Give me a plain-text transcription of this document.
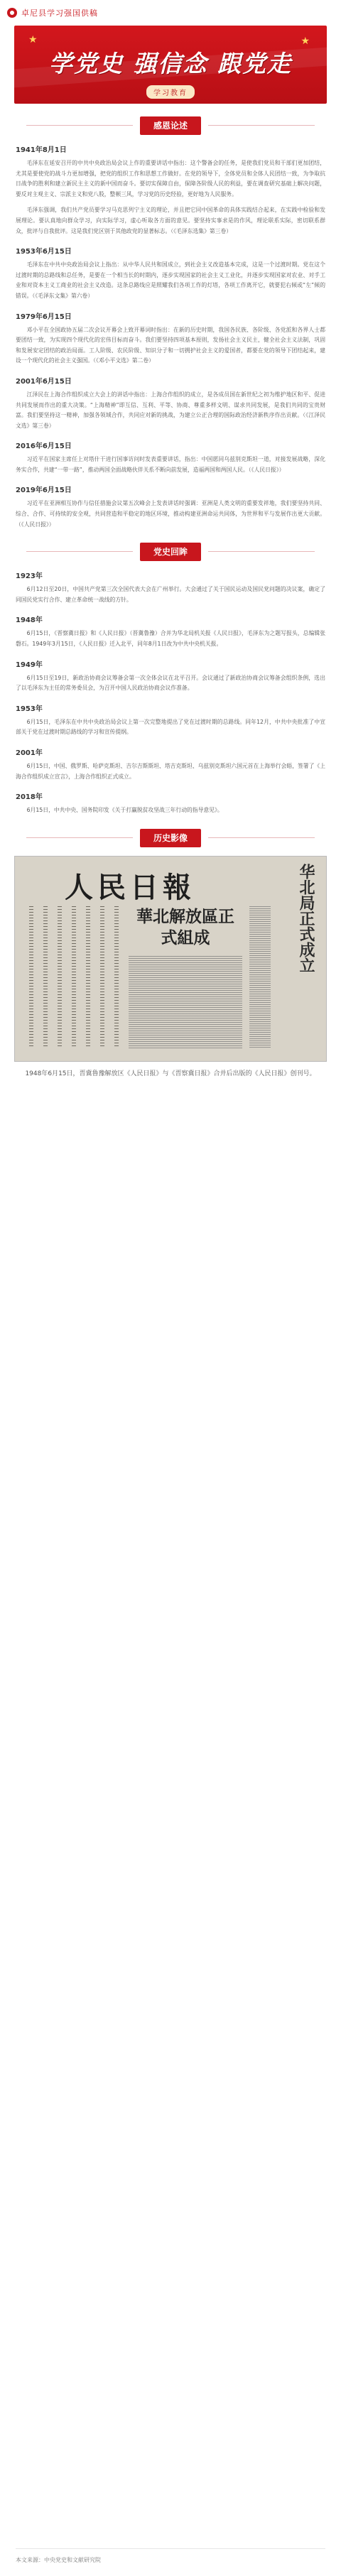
卓尼县学习强国供稿
★	★
学党史 强信念 跟党走
学习教育
感恩论述
1941年8月1日

毛泽东在延安召开的中共中央政治局会议上作的重要讲话中指出：这个警备会的任务，是使我们党员和干部们更加团结，尤其是要使党的战斗力更加增强，把党的组织工作和思想工作做好。在党的领导下，全体党员和全体人民团结一致，为争取抗日战争的胜利和建立新民主主义的新中国而奋斗。要切实保障自由，保障各阶级人民的利益，要在调查研究基础上解决问题，要反对主观主义、宗派主义和党八股，整顿三风，学习党的历史经验，更好地为人民服务。

毛泽东强调，我们共产党员要学习马克思列宁主义的理论，并且把它同中国革命的具体实践结合起来，在实践中检验和发展理论。要认真地向群众学习，向实际学习，虚心听取各方面的意见。要坚持实事求是的作风，理论联系实际，密切联系群众，批评与自我批评。这是我们党区别于其他政党的显著标志。（《毛泽东选集》第三卷）

1953年6月15日

毛泽东在中共中央政治局会议上指出：从中华人民共和国成立，到社会主义改造基本完成，这是一个过渡时期。党在这个过渡时期的总路线和总任务，是要在一个相当长的时期内，逐步实现国家的社会主义工业化，并逐步实现国家对农业、对手工业和对资本主义工商业的社会主义改造。这条总路线应是照耀我们各项工作的灯塔，各项工作离开它，就要犯右倾或“左”倾的错误。（《毛泽东文集》第六卷）

1979年6月15日

邓小平在全国政协五届二次会议开幕会上致开幕词时指出：在新的历史时期，我国各民族、各阶级、各党派和各界人士都要团结一致，为实现四个现代化的宏伟目标而奋斗。我们要坚持四项基本原则，发扬社会主义民主，健全社会主义法制，巩固和发展安定团结的政治局面。工人阶级、农民阶级、知识分子和一切拥护社会主义的爱国者，都要在党的领导下团结起来，建设一个现代化的社会主义强国。（《邓小平文选》第二卷）

2001年6月15日

江泽民在上海合作组织成立大会上的讲话中指出：上海合作组织的成立，是各成员国在新世纪之初为维护地区和平、促进共同发展而作出的重大决策。“上海精神”即互信、互利、平等、协商、尊重多样文明、谋求共同发展，是我们共同的宝贵财富。我们要坚持这一精神，加强各领域合作，共同应对新的挑战，为建立公正合理的国际政治经济新秩序作出贡献。（《江泽民文选》第三卷）

2016年6月15日

习近平在国家主席任上对塔什干进行国事访问时发表重要讲话，指出：中国愿同乌兹别克斯坦一道，对接发展战略，深化务实合作，共建“一带一路”，推动两国全面战略伙伴关系不断向前发展，造福两国和两国人民。（《人民日报》）

2019年6月15日

习近平在亚洲相互协作与信任措施会议第五次峰会上发表讲话时强调：亚洲是人类文明的重要发祥地，我们要坚持共同、综合、合作、可持续的安全观，共同营造和平稳定的地区环境，推动构建亚洲命运共同体，为世界和平与发展作出更大贡献。（《人民日报》）

党史回眸
1923年

6月12日至20日，中国共产党第三次全国代表大会在广州举行。大会通过了关于国民运动及国民党问题的决议案，确定了同国民党实行合作、建立革命统一战线的方针。

1948年

6月15日，《晋察冀日报》和《人民日报》（晋冀鲁豫）合并为华北局机关报《人民日报》，毛泽东为之题写报头，总编辑张磐石。1949年3月15日，《人民日报》迁入北平，同年8月1日改为中共中央机关报。

1949年

6月15日至19日，新政治协商会议筹备会第一次全体会议在北平召开。会议通过了新政治协商会议筹备会组织条例，选出了以毛泽东为主任的常务委员会，为召开中国人民政治协商会议作准备。

1953年

6月15日，毛泽东在中共中央政治局会议上第一次完整地提出了党在过渡时期的总路线。同年12月，中共中央批准了中宣部关于党在过渡时期总路线的学习和宣传提纲。

2001年

6月15日，中国、俄罗斯、哈萨克斯坦、吉尔吉斯斯坦、塔吉克斯坦、乌兹别克斯坦六国元首在上海举行会晤，签署了《上海合作组织成立宣言》，上海合作组织正式成立。

2018年

6月15日，中共中央、国务院印发《关于打赢脱贫攻坚战三年行动的指导意见》。

历史影像
人民日報
華北解放區正式組成	华北局正式成立
1948年6月15日，晋冀鲁豫解放区《人民日报》与《晋察冀日报》合并后出版的《人民日报》创刊号。
本文来源：中央党史和文献研究院
